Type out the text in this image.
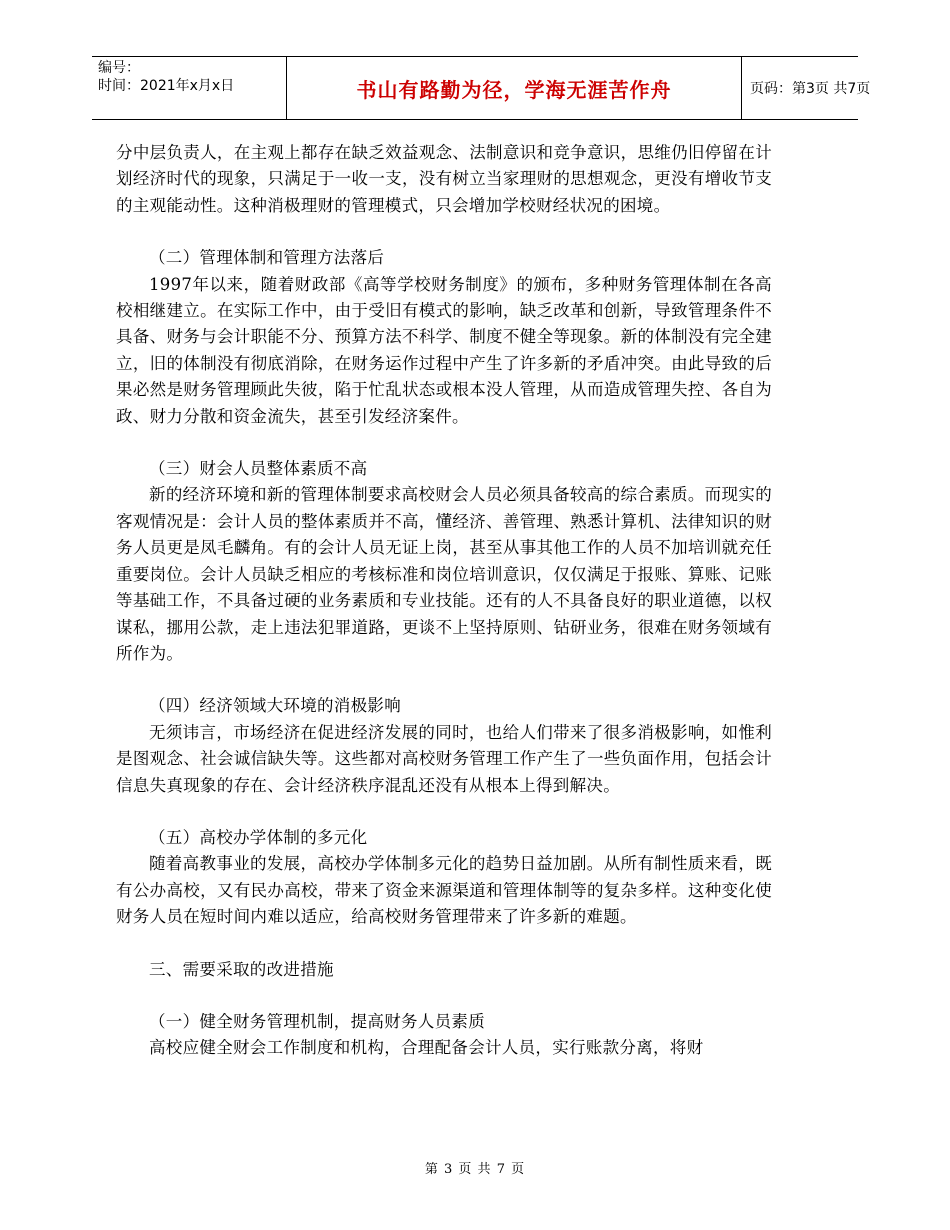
编号：
时间：2021年x月x日	书山有路勤为径，学海无涯苦作舟	页码：第3页 共7页

分中层负责人，在主观上都存在缺乏效益观念、法制意识和竞争意识，思维仍旧停留在计划经济时代的现象，只满足于一收一支，没有树立当家理财的思想观念，更没有增收节支的主观能动性。这种消极理财的管理模式，只会增加学校财经状况的困境。

（二）管理体制和管理方法落后

1997年以来，随着财政部《高等学校财务制度》的颁布，多种财务管理体制在各高校相继建立。在实际工作中，由于受旧有模式的影响，缺乏改革和创新，导致管理条件不具备、财务与会计职能不分、预算方法不科学、制度不健全等现象。新的体制没有完全建立，旧的体制没有彻底消除，在财务运作过程中产生了许多新的矛盾冲突。由此导致的后果必然是财务管理顾此失彼，陷于忙乱状态或根本没人管理，从而造成管理失控、各自为政、财力分散和资金流失，甚至引发经济案件。

（三）财会人员整体素质不高

新的经济环境和新的管理体制要求高校财会人员必须具备较高的综合素质。而现实的客观情况是：会计人员的整体素质并不高，懂经济、善管理、熟悉计算机、法律知识的财务人员更是凤毛麟角。有的会计人员无证上岗，甚至从事其他工作的人员不加培训就充任重要岗位。会计人员缺乏相应的考核标准和岗位培训意识，仅仅满足于报账、算账、记账等基础工作，不具备过硬的业务素质和专业技能。还有的人不具备良好的职业道德，以权谋私，挪用公款，走上违法犯罪道路，更谈不上坚持原则、钻研业务，很难在财务领域有所作为。

（四）经济领域大环境的消极影响

无须讳言，市场经济在促进经济发展的同时，也给人们带来了很多消极影响，如惟利是图观念、社会诚信缺失等。这些都对高校财务管理工作产生了一些负面作用，包括会计信息失真现象的存在、会计经济秩序混乱还没有从根本上得到解决。

（五）高校办学体制的多元化

随着高教事业的发展，高校办学体制多元化的趋势日益加剧。从所有制性质来看，既有公办高校，又有民办高校，带来了资金来源渠道和管理体制等的复杂多样。这种变化使财务人员在短时间内难以适应，给高校财务管理带来了许多新的难题。

三、需要采取的改进措施

（一）健全财务管理机制，提高财务人员素质

高校应健全财会工作制度和机构，合理配备会计人员，实行账款分离，将财

第 3 页 共 7 页
